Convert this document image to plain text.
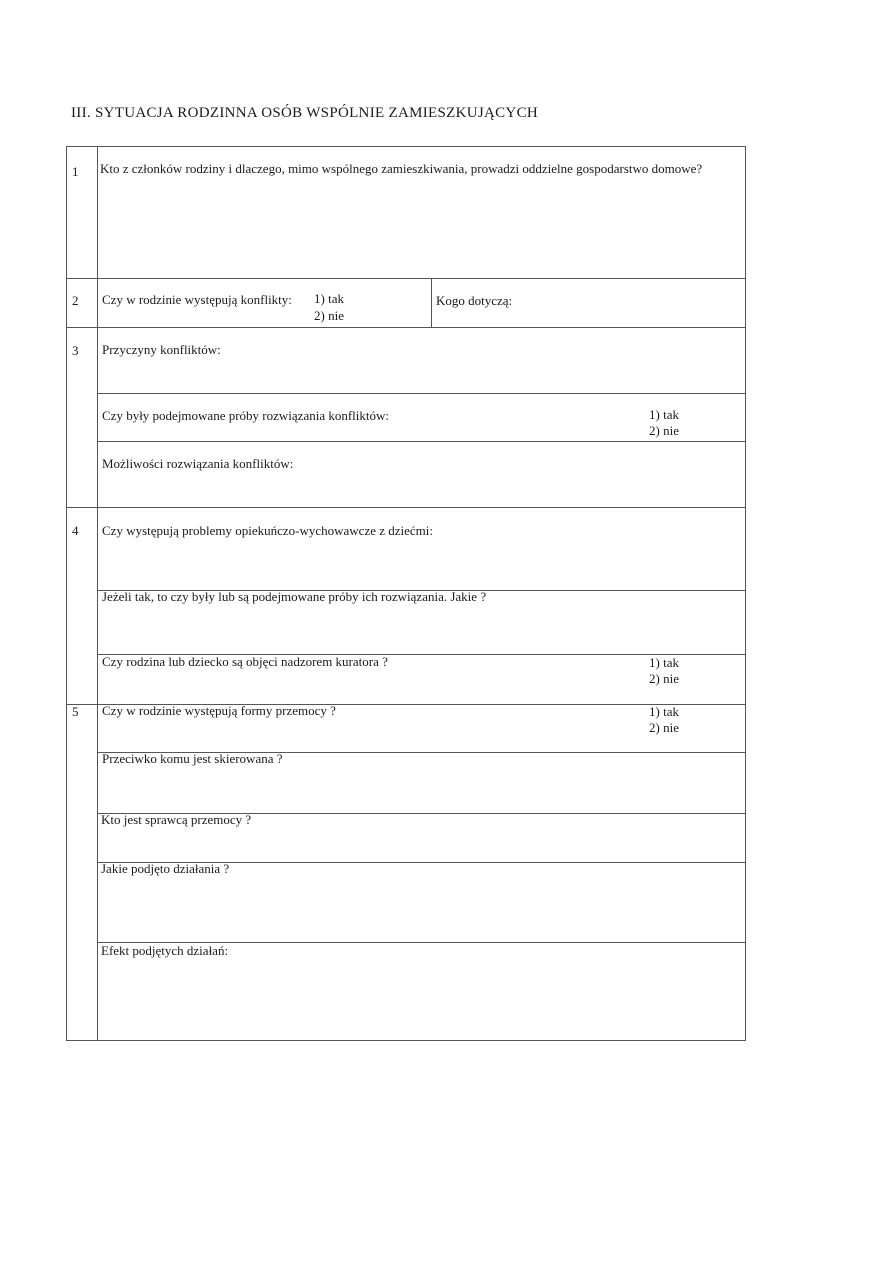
III. SYTUACJA RODZINNA OSÓB WSPÓLNIE ZAMIESZKUJĄCYCH
1 Kto z członków rodziny i dlaczego, mimo wspólnego zamieszkiwania, prowadzi oddzielne gospodarstwo domowe?
2 Czy w rodzinie występują konflikty: 1) tak
2) nie
Kogo dotyczą:
3 Przyczyny konfliktów:
Czy były podejmowane próby rozwiązania konfliktów:	1) tak
2) nie
Możliwości rozwiązania konfliktów:
4 Czy występują problemy opiekuńczo-wychowawcze z dziećmi:
Jeżeli tak, to czy były lub są podejmowane próby ich rozwiązania. Jakie ?
Czy rodzina lub dziecko są objęci nadzorem kuratora ?	1) tak
2) nie
5 Czy w rodzinie występują formy przemocy ?	1) tak
2) nie
Przeciwko komu jest skierowana ?
Kto jest sprawcą przemocy ?
Jakie podjęto działania ?
Efekt podjętych działań:
